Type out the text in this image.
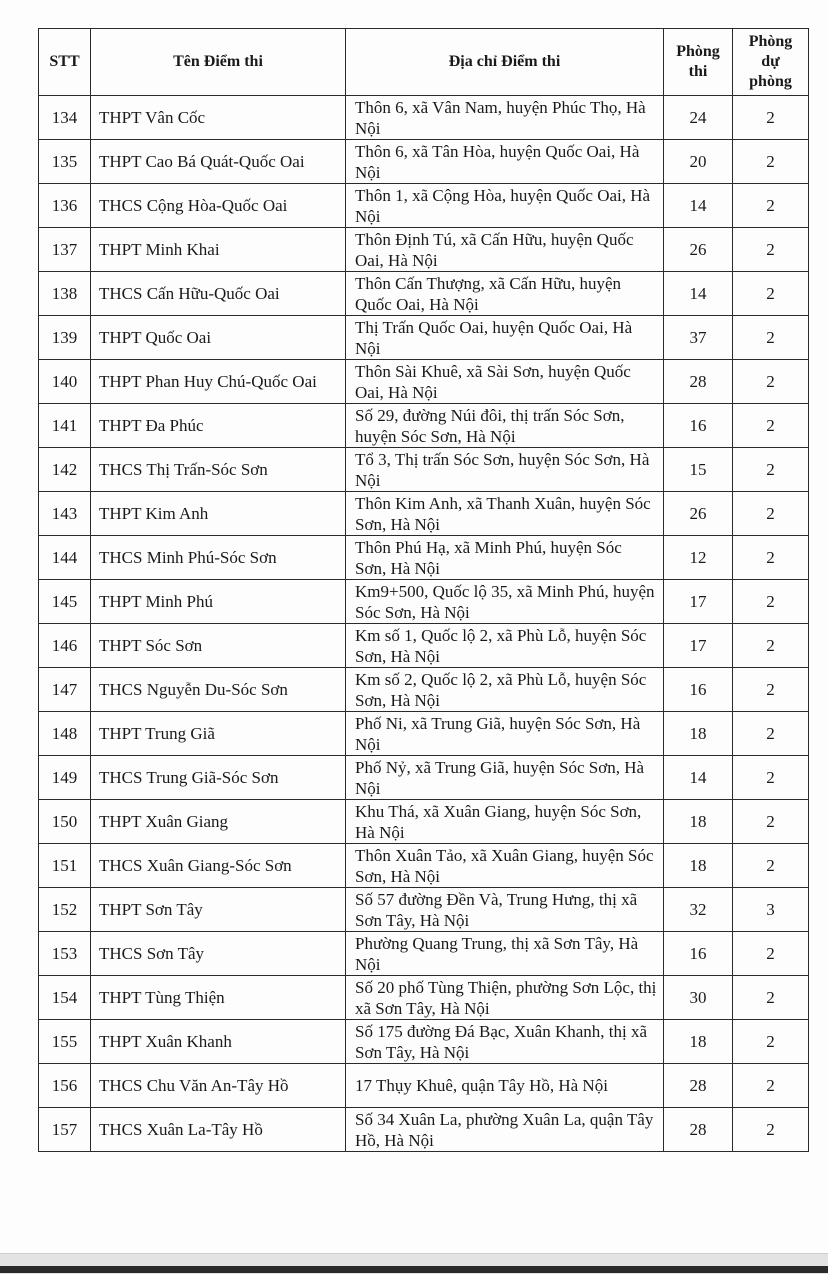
STT	Tên Điểm thi	Địa chỉ Điểm thi	Phòng thi	Phòng dự phòng
134	THPT Vân Cốc	Thôn 6, xã Vân Nam, huyện Phúc Thọ, Hà Nội	24	2
135	THPT Cao Bá Quát-Quốc Oai	Thôn 6, xã Tân Hòa, huyện Quốc Oai, Hà Nội	20	2
136	THCS Cộng Hòa-Quốc Oai	Thôn 1, xã Cộng Hòa, huyện Quốc Oai, Hà Nội	14	2
137	THPT Minh Khai	Thôn Định Tú, xã Cấn Hữu, huyện Quốc Oai, Hà Nội	26	2
138	THCS Cấn Hữu-Quốc Oai	Thôn Cấn Thượng, xã Cấn Hữu, huyện Quốc Oai, Hà Nội	14	2
139	THPT Quốc Oai	Thị Trấn Quốc Oai, huyện Quốc Oai, Hà Nội	37	2
140	THPT Phan Huy Chú-Quốc Oai	Thôn Sài Khuê, xã Sài Sơn, huyện Quốc Oai, Hà Nội	28	2
141	THPT Đa Phúc	Số 29, đường Núi đôi, thị trấn Sóc Sơn, huyện Sóc Sơn, Hà Nội	16	2
142	THCS Thị Trấn-Sóc Sơn	Tổ 3, Thị trấn Sóc Sơn, huyện Sóc Sơn, Hà Nội	15	2
143	THPT Kim Anh	Thôn Kim Anh, xã Thanh Xuân, huyện Sóc Sơn, Hà Nội	26	2
144	THCS Minh Phú-Sóc Sơn	Thôn Phú Hạ, xã Minh Phú, huyện Sóc Sơn, Hà Nội	12	2
145	THPT Minh Phú	Km9+500, Quốc lộ 35, xã Minh Phú, huyện Sóc Sơn, Hà Nội	17	2
146	THPT Sóc Sơn	Km số 1, Quốc lộ 2, xã Phù Lỗ, huyện Sóc Sơn, Hà Nội	17	2
147	THCS Nguyễn Du-Sóc Sơn	Km số 2, Quốc lộ 2, xã Phù Lỗ, huyện Sóc Sơn, Hà Nội	16	2
148	THPT Trung Giã	Phố Ni, xã Trung Giã, huyện Sóc Sơn, Hà Nội	18	2
149	THCS Trung Giã-Sóc Sơn	Phố Nỷ, xã Trung Giã, huyện Sóc Sơn, Hà Nội	14	2
150	THPT Xuân Giang	Khu Thá, xã Xuân Giang, huyện Sóc Sơn, Hà Nội	18	2
151	THCS Xuân Giang-Sóc Sơn	Thôn Xuân Tảo, xã Xuân Giang, huyện Sóc Sơn, Hà Nội	18	2
152	THPT Sơn Tây	Số 57 đường Đền Và, Trung Hưng, thị xã Sơn Tây, Hà Nội	32	3
153	THCS Sơn Tây	Phường Quang Trung, thị xã Sơn Tây, Hà Nội	16	2
154	THPT Tùng Thiện	Số 20 phố Tùng Thiện, phường Sơn Lộc, thị xã Sơn Tây, Hà Nội	30	2
155	THPT Xuân Khanh	Số 175 đường Đá Bạc, Xuân Khanh, thị xã Sơn Tây, Hà Nội	18	2
156	THCS Chu Văn An-Tây Hồ	17 Thụy Khuê, quận Tây Hồ, Hà Nội	28	2
157	THCS Xuân La-Tây Hồ	Số 34 Xuân La, phường Xuân La, quận Tây Hồ, Hà Nội	28	2
